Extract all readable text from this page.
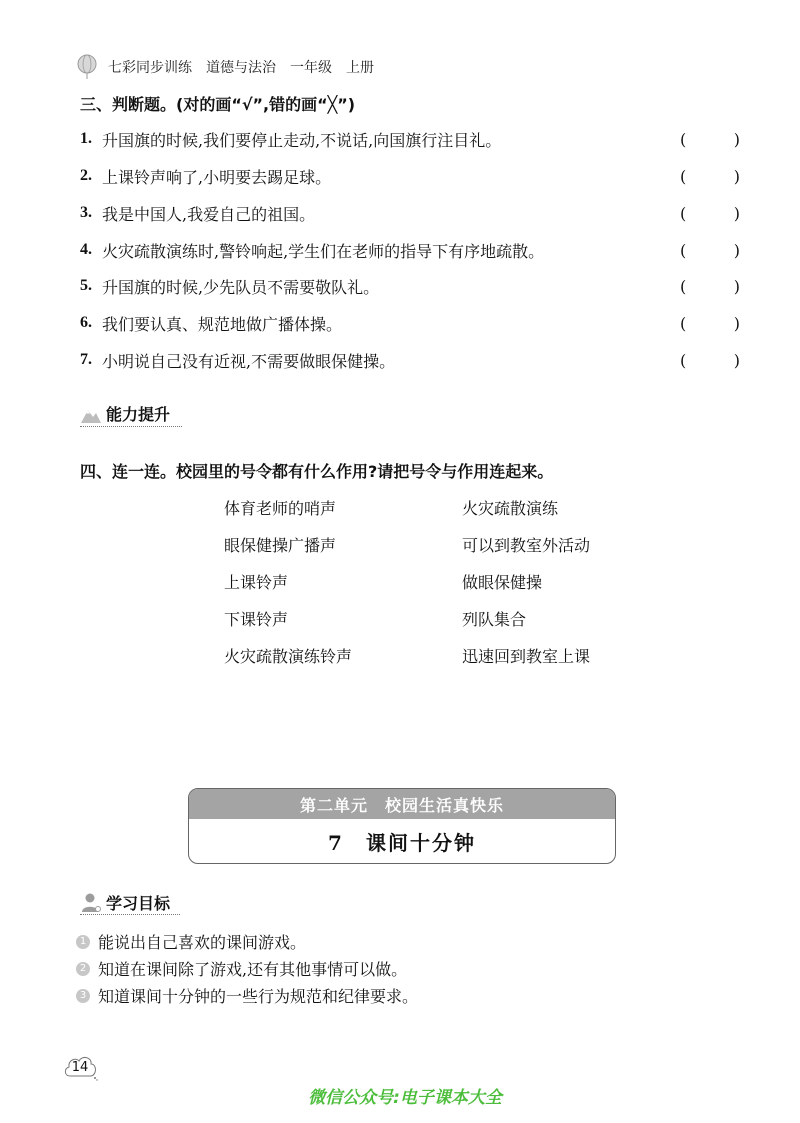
七彩同步训练 道德与法治 一年级 上册
三、判断题。(对的画“√”,错的画“╳”)
1. 升国旗的时候,我们要停止走动,不说话,向国旗行注目礼。	(	)
2. 上课铃声响了,小明要去踢足球。	(	)
3. 我是中国人,我爱自己的祖国。	(	)
4. 火灾疏散演练时,警铃响起,学生们在老师的指导下有序地疏散。	(	)
5. 升国旗的时候,少先队员不需要敬队礼。	(	)
6. 我们要认真、规范地做广播体操。	(	)
7. 小明说自己没有近视,不需要做眼保健操。	(	)
能力提升
四、连一连。校园里的号令都有什么作用?请把号令与作用连起来。
体育老师的哨声
眼保健操广播声
上课铃声
下课铃声
火灾疏散演练铃声
火灾疏散演练
可以到教室外活动
做眼保健操
列队集合
迅速回到教室上课
第二单元　校园生活真快乐
7　课间十分钟
学习目标
1 能说出自己喜欢的课间游戏。
2 知道在课间除了游戏,还有其他事情可以做。
3 知道课间十分钟的一些行为规范和纪律要求。
14
微信公众号:电子课本大全
